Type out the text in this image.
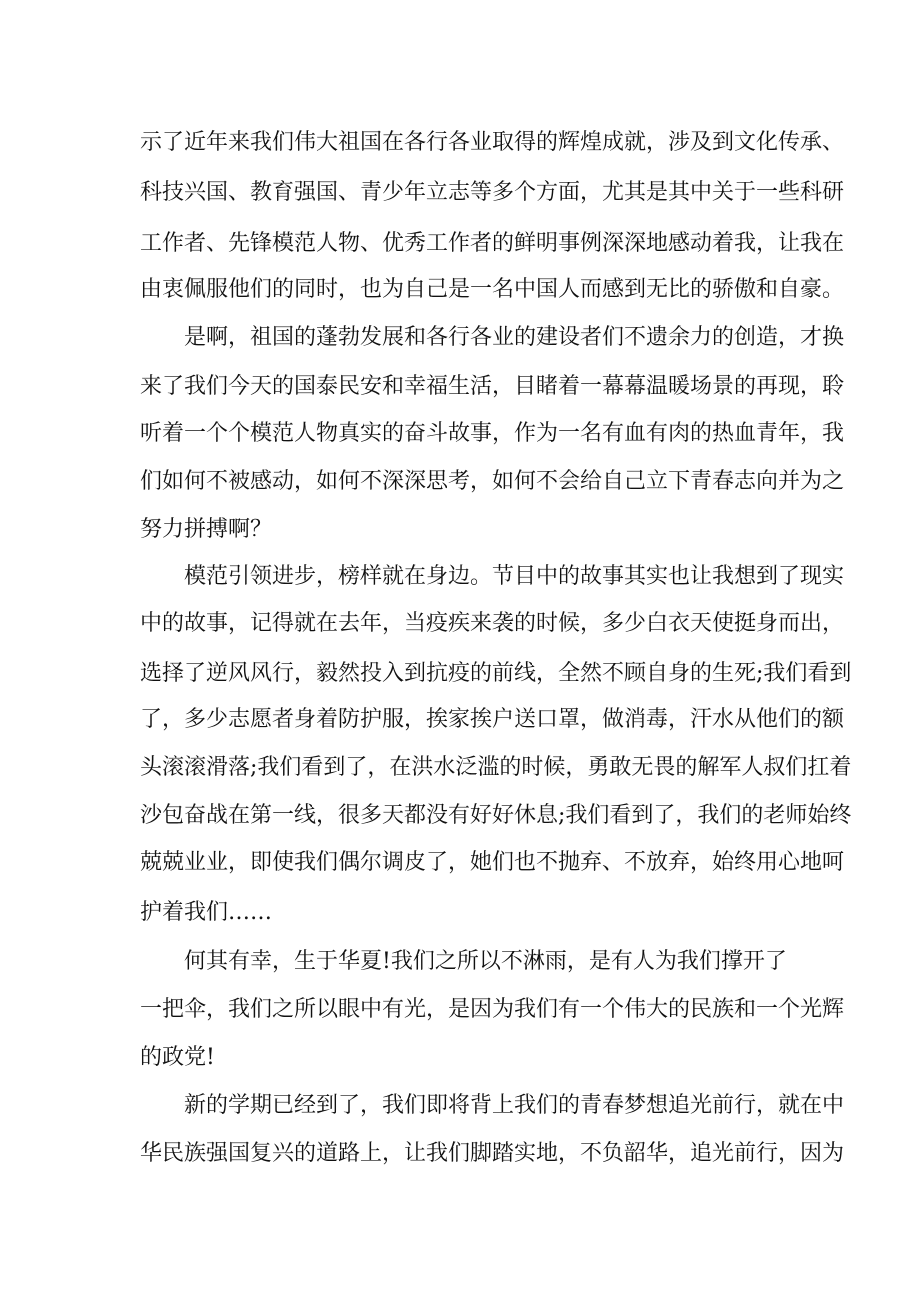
示了近年来我们伟大祖国在各行各业取得的辉煌成就，涉及到文化传承、
科技兴国、教育强国、青少年立志等多个方面，尤其是其中关于一些科研
工作者、先锋模范人物、优秀工作者的鲜明事例深深地感动着我，让我在
由衷佩服他们的同时，也为自己是一名中国人而感到无比的骄傲和自豪。
是啊，祖国的蓬勃发展和各行各业的建设者们不遗余力的创造，才换
来了我们今天的国泰民安和幸福生活，目睹着一幕幕温暖场景的再现，聆
听着一个个模范人物真实的奋斗故事，作为一名有血有肉的热血青年，我
们如何不被感动，如何不深深思考，如何不会给自己立下青春志向并为之
努力拼搏啊？
模范引领进步，榜样就在身边。节目中的故事其实也让我想到了现实
中的故事，记得就在去年，当疫疾来袭的时候，多少白衣天使挺身而出，
选择了逆风风行，毅然投入到抗疫的前线，全然不顾自身的生死;我们看到
了，多少志愿者身着防护服，挨家挨户送口罩，做消毒，汗水从他们的额
头滚滚滑落;我们看到了，在洪水泛滥的时候，勇敢无畏的解军人叔们扛着
沙包奋战在第一线，很多天都没有好好休息;我们看到了，我们的老师始终
兢兢业业，即使我们偶尔调皮了，她们也不抛弃、不放弃，始终用心地呵
护着我们……
何其有幸，生于华夏!我们之所以不淋雨，是有人为我们撑开了
一把伞，我们之所以眼中有光，是因为我们有一个伟大的民族和一个光辉
的政党!
新的学期已经到了，我们即将背上我们的青春梦想追光前行，就在中
华民族强国复兴的道路上，让我们脚踏实地，不负韶华，追光前行，因为
